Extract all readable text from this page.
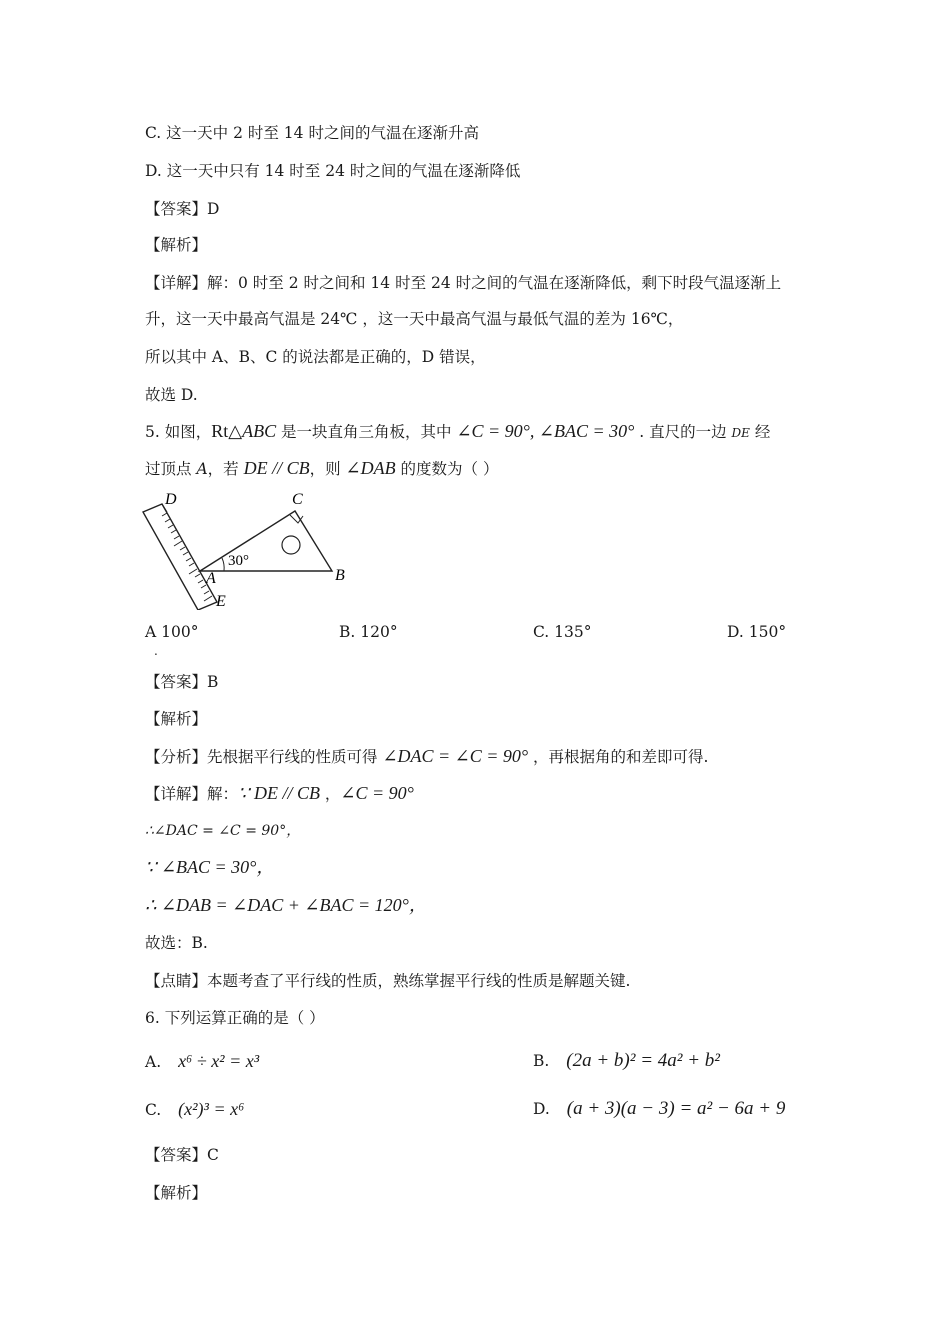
C. 这一天中 2 时至 14 时之间的气温在逐渐升高
D. 这一天中只有 14 时至 24 时之间的气温在逐渐降低
【答案】D
【解析】
【详解】解：0 时至 2 时之间和 14 时至 24 时之间的气温在逐渐降低，剩下时段气温逐渐上
升，这一天中最高气温是 24℃ ，这一天中最高气温与最低气温的差为 16℃，
所以其中 A、B、C 的说法都是正确的，D 错误，
故选 D.
5. 如图，Rt△ABC 是一块直角三角板，其中 ∠C = 90°, ∠BAC = 30° . 直尺的一边 DE 经
过顶点 A，若 DE // CB，则 ∠DAB 的度数为（ ）
D	C
30°
A	B
E
A 100°	B. 120°	C. 135°	D. 150°
.
【答案】B
【解析】
【分析】先根据平行线的性质可得 ∠DAC = ∠C = 90° ，再根据角的和差即可得.
【详解】解：∵ DE // CB ，∠C = 90°
∴∠DAC = ∠C = 90°，
∵ ∠BAC = 30°，
∴ ∠DAB = ∠DAC + ∠BAC = 120°，
故选：B.
【点睛】本题考查了平行线的性质，熟练掌握平行线的性质是解题关键.
6. 下列运算正确的是（ ）
A. x⁶ ÷ x² = x³	B. (2a + b)² = 4a² + b²
C. (x²)³ = x⁶	D. (a + 3)(a − 3) = a² − 6a + 9
【答案】C
【解析】
